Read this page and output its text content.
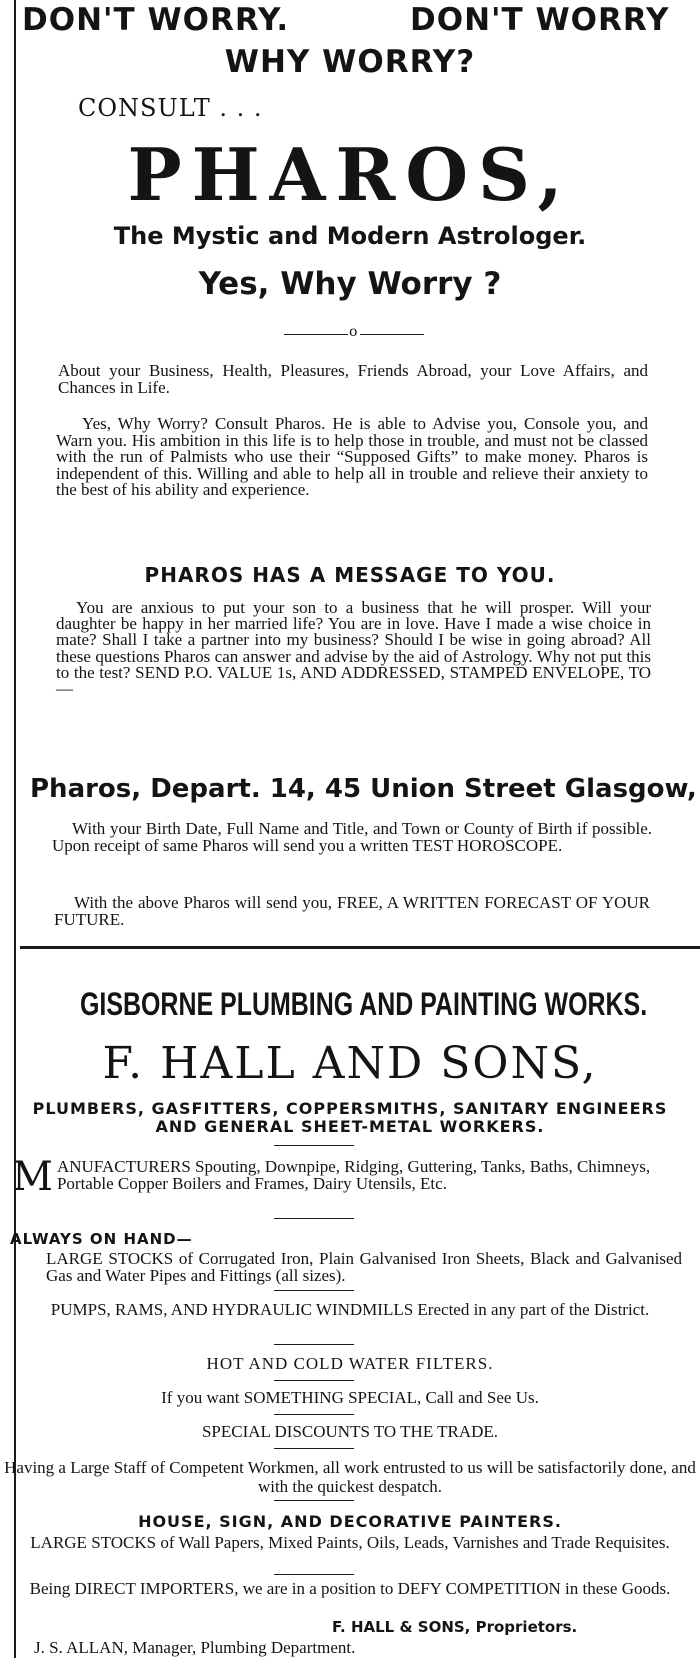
DON'T WORRY.	DON'T WORRY
WHY WORRY?
CONSULT . . .
PHAROS,
The Mystic and Modern Astrologer.
Yes, Why Worry ?
o

About your Business, Health, Pleasures, Friends Abroad, your Love Affairs, and Chances in Life.

Yes, Why Worry? Consult Pharos. He is able to Advise you, Console you, and Warn you. His ambition in this life is to help those in trouble, and must not be classed with the run of Palmists who use their “Supposed Gifts” to make money. Pharos is independent of this. Willing and able to help all in trouble and relieve their anxiety to the best of his ability and experience.

PHAROS HAS A MESSAGE TO YOU.

You are anxious to put your son to a business that he will prosper. Will your daughter be happy in her married life? You are in love. Have I made a wise choice in mate? Shall I take a partner into my business? Should I be wise in going abroad? All these questions Pharos can answer and advise by the aid of Astrology. Why not put this to the test? SEND P.O. VALUE 1s, AND ADDRESSED, STAMPED ENVELOPE, TO—

Pharos, Depart. 14, 45 Union Street Glasgow,

With your Birth Date, Full Name and Title, and Town or County of Birth if possible. Upon receipt of same Pharos will send you a written TEST HOROSCOPE.

With the above Pharos will send you, FREE, A WRITTEN FORECAST OF YOUR FUTURE.

GISBORNE PLUMBING AND PAINTING WORKS.
F. HALL AND SONS,

PLUMBERS, GASFITTERS, COPPERSMITHS, SANITARY ENGINEERS AND GENERAL SHEET-METAL WORKERS.

MANUFACTURERS Spouting, Downpipe, Ridging, Guttering, Tanks, Baths, Chimneys, Portable Copper Boilers and Frames, Dairy Utensils, Etc.
ALWAYS ON HAND—

LARGE STOCKS of Corrugated Iron, Plain Galvanised Iron Sheets, Black and Galvanised Gas and Water Pipes and Fittings (all sizes).

PUMPS, RAMS, AND HYDRAULIC WINDMILLS Erected in any part of the District.

HOT AND COLD WATER FILTERS.
If you want SOMETHING SPECIAL, Call and See Us.
SPECIAL DISCOUNTS TO THE TRADE.

Having a Large Staff of Competent Workmen, all work entrusted to us will be satisfactorily done, and with the quickest despatch.

HOUSE, SIGN, AND DECORATIVE PAINTERS.

LARGE STOCKS of Wall Papers, Mixed Paints, Oils, Leads, Varnishes and Trade Requisites.

Being DIRECT IMPORTERS, we are in a position to DEFY COMPETITION in these Goods.

F. HALL & SONS, Proprietors.
J. S. ALLAN, Manager, Plumbing Department.
